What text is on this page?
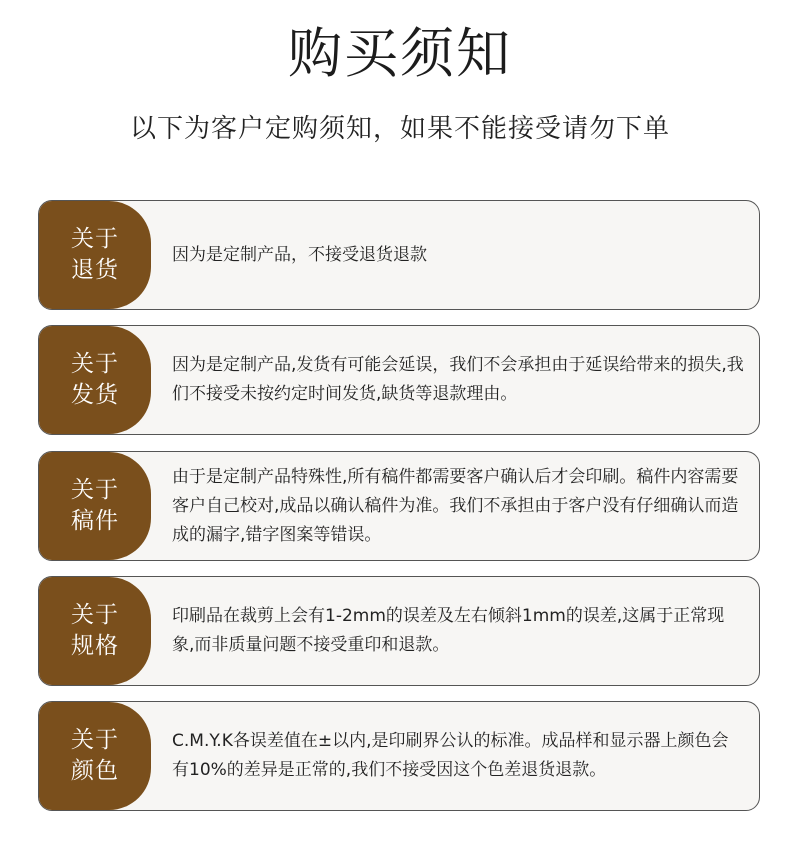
购买须知
以下为客户定购须知，如果不能接受请勿下单
关于退货
因为是定制产品，不接受退货退款
关于发货
因为是定制产品,发货有可能会延误，我们不会承担由于延误给带来的损失,我们不接受未按约定时间发货,缺货等退款理由。
关于稿件
由于是定制产品特殊性,所有稿件都需要客户确认后才会印刷。稿件内容需要客户自己校对,成品以确认稿件为准。我们不承担由于客户没有仔细确认而造成的漏字,错字图案等错误。
关于规格
印刷品在裁剪上会有1-2mm的误差及左右倾斜1mm的误差,这属于正常现象,而非质量问题不接受重印和退款。
关于颜色
C.M.Y.K各误差值在±以内,是印刷界公认的标准。成品样和显示器上颜色会有10%的差异是正常的,我们不接受因这个色差退货退款。
